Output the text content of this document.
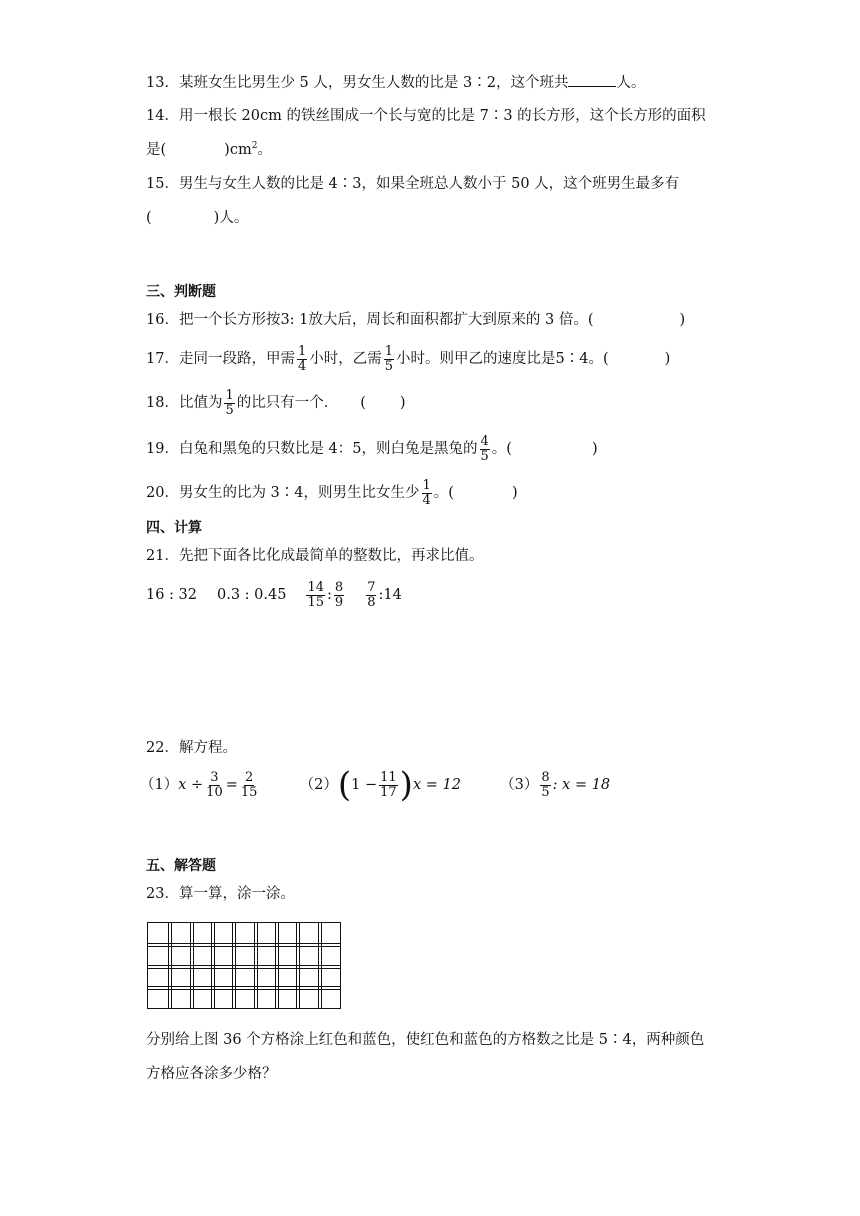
13．某班女生比男生少 5 人，男女生人数的比是 3∶2，这个班共	人。
14．用一根长 20cm 的铁丝围成一个长与宽的比是 7∶3 的长方形，这个长方形的面积
是(	)$cm^2$。
15．男生与女生人数的比是 4∶3，如果全班总人数小于 50 人，这个班男生最多有
(	)人。
三、判断题
16．把一个长方形按3: 1放大后，周长和面积都扩大到原来的 3 倍。(	)
17．走同一段路，甲需 $\frac{1}{4}$ 小时，乙需 $\frac{1}{5}$ 小时。则甲乙的速度比是5∶4。(	)
18．比值为 $\frac{1}{5}$ 的比只有一个． ( )
19．白兔和黑兔的只数比是 4：5，则白兔是黑兔的 $\frac{4}{5}$ 。(	)
20．男女生的比为 3∶4，则男生比女生少 $\frac{1}{4}$ 。(	)
四、计算
21．先把下面各比化成最简单的整数比，再求比值。
16 : 32 0.3 : $0.45 \frac{14}{15}$ : $\frac{8}{9} \frac{7}{8}$ :14
22．解方程。
$(1)x \div \frac{3}{10} = \frac{2}{15}$	$(2)(1 - \frac{11}{17} )x = 12$	$(3) \frac{8}{5}$ : x = 18
五、解答题
23．算一算，涂一涂。
分别给上图 36 个方格涂上红色和蓝色，使红色和蓝色的方格数之比是 5∶4，两种颜色
方格应各涂多少格？
